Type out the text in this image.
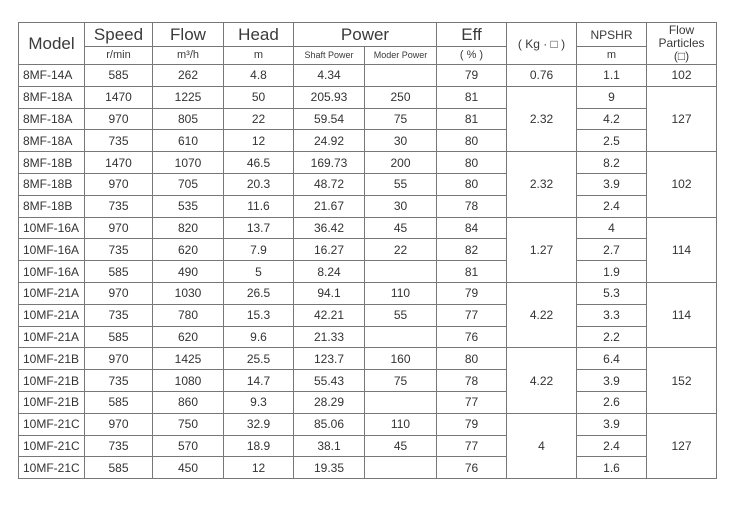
Model	Speed	Flow	Head	Power		Eff	( Kg · □ )	NPSHR	Flow
Particles
(□)

	r/min	m³/h	m	Shaft Power	Moder Power	( % )		m	
8MF-14A	585	262	4.8	4.34		79	0.76	1.1	102
8MF-18A	1470	1225	50	205.93	250	81	2.32	9	127
8MF-18A	970	805	22	59.54	75	81		4.2	
8MF-18A	735	610	12	24.92	30	80		2.5	
8MF-18B	1470	1070	46.5	169.73	200	80	2.32	8.2	102
8MF-18B	970	705	20.3	48.72	55	80		3.9	
8MF-18B	735	535	11.6	21.67	30	78		2.4	
10MF-16A	970	820	13.7	36.42	45	84	1.27	4	114
10MF-16A	735	620	7.9	16.27	22	82		2.7	
10MF-16A	585	490	5	8.24		81		1.9	
10MF-21A	970	1030	26.5	94.1	110	79	4.22	5.3	114
10MF-21A	735	780	15.3	42.21	55	77		3.3	
10MF-21A	585	620	9.6	21.33		76		2.2	
10MF-21B	970	1425	25.5	123.7	160	80	4.22	6.4	152
10MF-21B	735	1080	14.7	55.43	75	78		3.9	
10MF-21B	585	860	9.3	28.29		77		2.6	
10MF-21C	970	750	32.9	85.06	110	79	4	3.9	127
10MF-21C	735	570	18.9	38.1	45	77		2.4	
10MF-21C	585	450	12	19.35		76		1.6	
